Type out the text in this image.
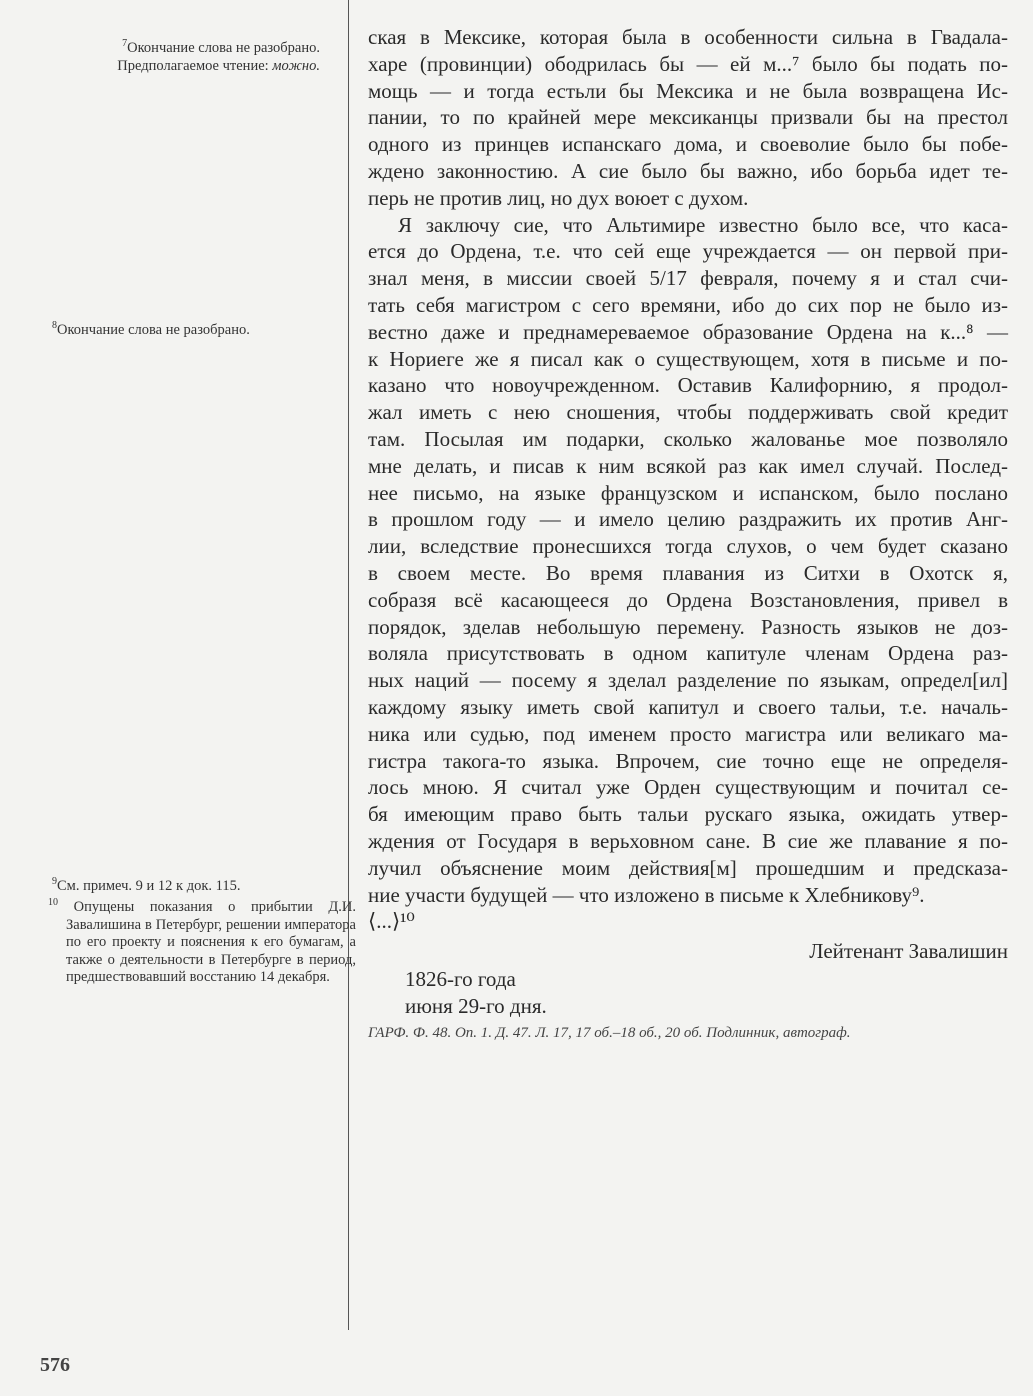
ская в Мексике, которая была в особенности сильна в Гвадала-
харе (провинции) ободрилась бы — ей м...⁷ было бы подать по-
мощь — и тогда естьли бы Мексика и не была возвращена Ис-
пании, то по крайней мере мексиканцы призвали бы на престол
одного из принцев испанскаго дома, и своеволие было бы побе-
ждено законностию. А сие было бы важно, ибо борьба идет те-
перь не против лиц, но дух воюет с духом.
Я заключу сие, что Альтимире известно было все, что каса-
ется до Ордена, т.е. что сей еще учреждается — он первой при-
знал меня, в миссии своей 5/17 февраля, почему я и стал счи-
тать себя магистром с сего времяни, ибо до сих пор не было из-
вестно даже и преднамереваемое образование Ордена на к...⁸ —
к Нориеге же я писал как о существующем, хотя в письме и по-
казано что новоучрежденном. Оставив Калифорнию, я продол-
жал иметь с нею сношения, чтобы поддерживать свой кредит
там. Посылая им подарки, сколько жалованье мое позволяло
мне делать, и писав к ним всякой раз как имел случай. Послед-
нее письмо, на языке французском и испанском, было послано
в прошлом году — и имело целию раздражить их против Анг-
лии, вследствие пронесшихся тогда слухов, о чем будет сказано
в своем месте. Во время плавания из Ситхи в Охотск я,
собразя всё касающееся до Ордена Возстановления, привел в
порядок, зделав небольшую перемену. Разность языков не доз-
воляла присутствовать в одном капитуле членам Ордена раз-
ных наций — посему я зделал разделение по языкам, определ[ил]
каждому языку иметь свой капитул и своего тальи, т.е. началь-
ника или судью, под именем просто магистра или великаго ма-
гистра такога-то языка. Впрочем, сие точно еще не определя-
лось мною. Я считал уже Орден существующим и почитал се-
бя имеющим право быть тальи рускаго языка, ожидать утвер-
ждения от Государя в верьховном сане. В сие же плавание я по-
лучил объяснение моим действия[м] прошедшим и предсказа-
ние участи будущей — что изложено в письме к Хлебникову⁹.
⟨...⟩¹⁰
Лейтенант Завалишин
1826-го года
июня 29-го дня.
ГАРФ. Ф. 48. Оп. 1. Д. 47. Л. 17, 17 об.–18 об., 20 об. Подлинник, автограф.
$^7$Окончание слова не разобрано. Предполагаемое чтение: можно.
$^8$Окончание слова не разобрано.
$^9$См. примеч. 9 и 12 к док. 115.
$^{10}$ Опущены показания о прибытии Д.И. Завалишина в Петербург, решении императора по его проекту и пояснения к его бумагам, а также о деятельности в Петербурге в период, предшествовавший восстанию 14 декабря.
576
